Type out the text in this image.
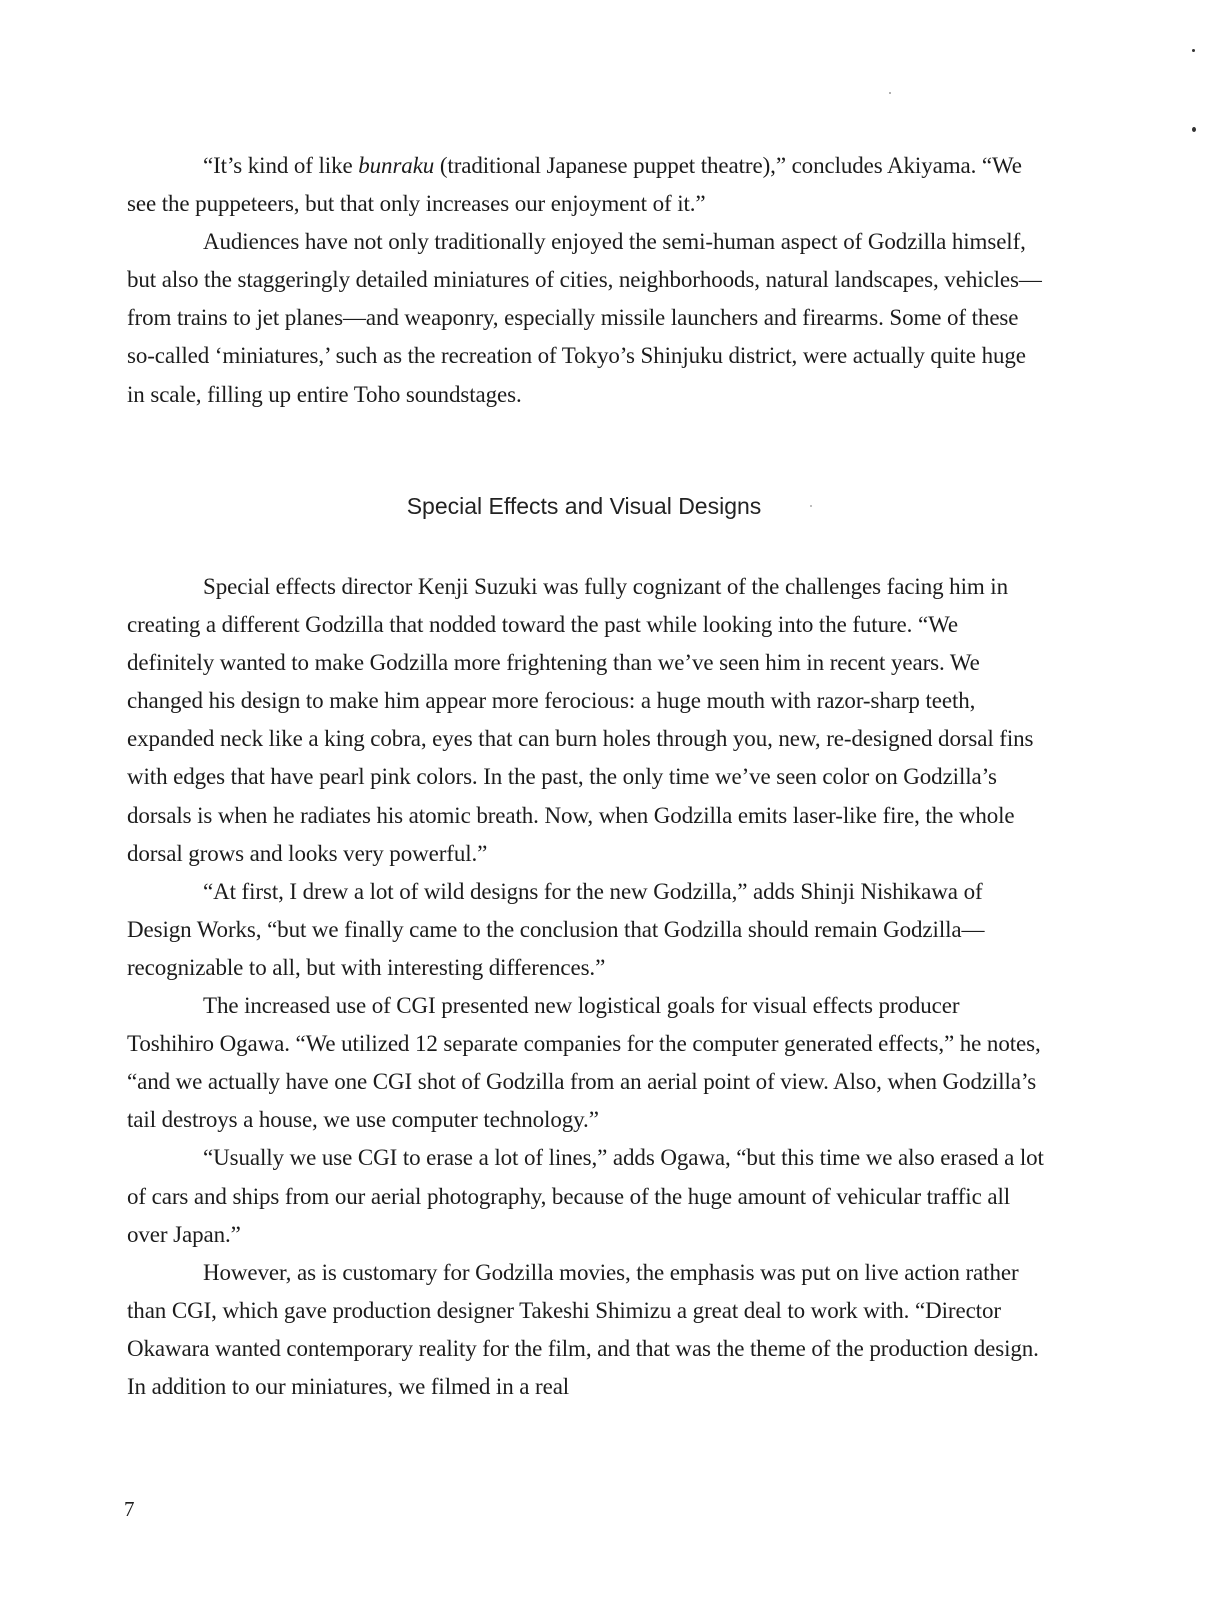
“It’s kind of like bunraku (traditional Japanese puppet theatre),” concludes Akiyama. “We see the puppeteers, but that only increases our enjoyment of it.”

Audiences have not only traditionally enjoyed the semi-human aspect of Godzilla himself, but also the staggeringly detailed miniatures of cities, neighborhoods, natural landscapes, vehicles—from trains to jet planes—and weaponry, especially missile launchers and firearms. Some of these so-called ‘miniatures,’ such as the recreation of Tokyo’s Shinjuku district, were actually quite huge in scale, filling up entire Toho soundstages.

Special Effects and Visual Designs

Special effects director Kenji Suzuki was fully cognizant of the challenges facing him in creating a different Godzilla that nodded toward the past while looking into the future. “We definitely wanted to make Godzilla more frightening than we’ve seen him in recent years. We changed his design to make him appear more ferocious: a huge mouth with razor-sharp teeth, expanded neck like a king cobra, eyes that can burn holes through you, new, re-designed dorsal fins with edges that have pearl pink colors. In the past, the only time we’ve seen color on Godzilla’s dorsals is when he radiates his atomic breath. Now, when Godzilla emits laser-like fire, the whole dorsal grows and looks very powerful.”

“At first, I drew a lot of wild designs for the new Godzilla,” adds Shinji Nishikawa of Design Works, “but we finally came to the conclusion that Godzilla should remain Godzilla—recognizable to all, but with interesting differences.”

The increased use of CGI presented new logistical goals for visual effects producer Toshihiro Ogawa. “We utilized 12 separate companies for the computer generated effects,” he notes, “and we actually have one CGI shot of Godzilla from an aerial point of view. Also, when Godzilla’s tail destroys a house, we use computer technology.”

“Usually we use CGI to erase a lot of lines,” adds Ogawa, “but this time we also erased a lot of cars and ships from our aerial photography, because of the huge amount of vehicular traffic all over Japan.”

However, as is customary for Godzilla movies, the emphasis was put on live action rather than CGI, which gave production designer Takeshi Shimizu a great deal to work with. “Director Okawara wanted contemporary reality for the film, and that was the theme of the production design. In addition to our miniatures, we filmed in a real

7
